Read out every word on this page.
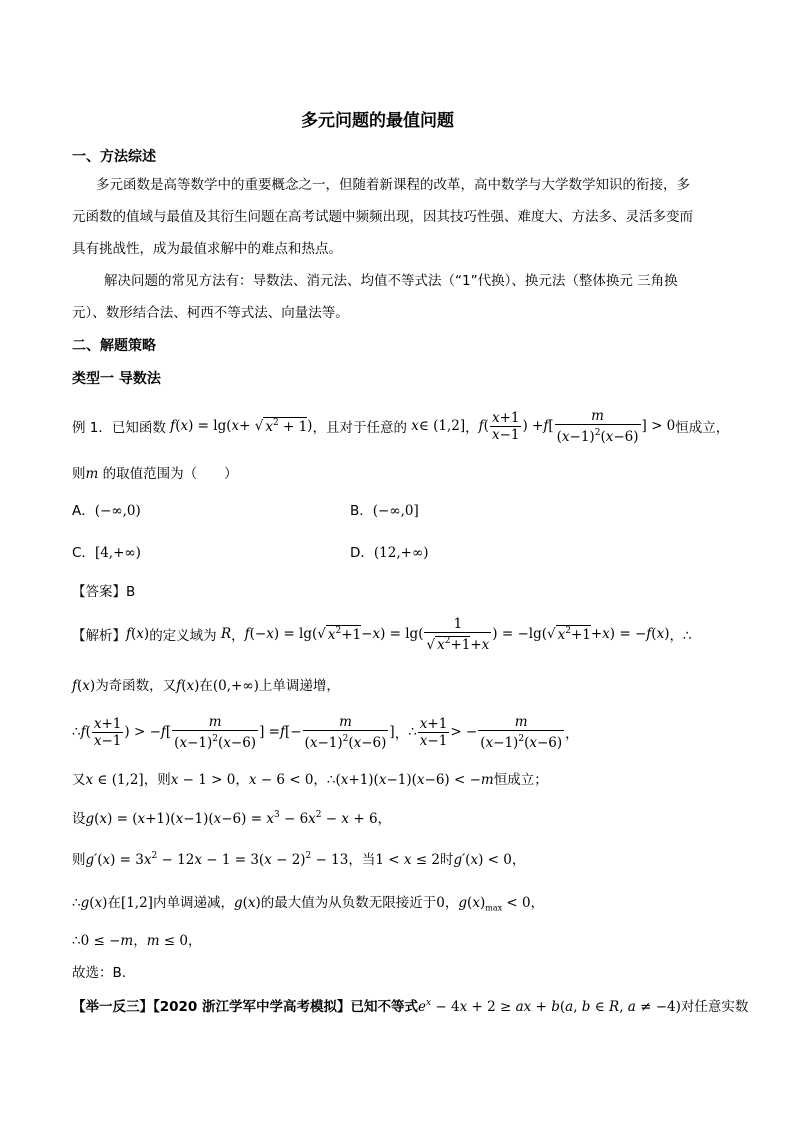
多元问题的最值问题
一、方法综述
多元函数是高等数学中的重要概念之一，但随着新课程的改革，高中数学与大学数学知识的衔接，多
元函数的值域与最值及其衍生问题在高考试题中频频出现，因其技巧性强、难度大、方法多、灵活多变而
具有挑战性，成为最值求解中的难点和热点。
解决问题的常见方法有：导数法、消元法、均值不等式法（“1”代换）、换元法（整体换元 三角换
元）、数形结合法、柯西不等式法、向量法等。
二、解题策略
类型一 导数法
例 1．已知函数 f ( x ) = lg( x + √ $x^2 + 1$ ) ，且对于任意的 x ∈ (1,2] ， f ( $\frac{x+1}{x-1}$ ) + f [ $\frac{m}{(x-1)^2(x-6)}$ ] > 0 恒成立，
则m 的取值范围为（　　）
A．(−∞,0)	B．(−∞,0]
C．[4,+∞)	D．(12,+∞)
【答案】B
【解析】 f ( x ) 的定义域为 R ， f (− x ) = lg(√ $x^2+1 - x$ ) = $\lg( \frac{1}{√ x^2+1+x}$ ) = −lg(√ $x^2+1 + x$ ) = − f ( x ) ，∴
f(x)为奇函数，又f(x)在(0,+∞)上单调递增，
∴ f ( $\frac{x+1}{x-1}$ ) > − f [ $\frac{m}{(x-1)^2(x-6)}$ ] = f [− $\frac{m}{(x-1)^2(x-6)}$ ] ， ∴ $\frac{x+1}{x-1}$ > − $\frac{m}{(x-1)^2(x-6)}$ ，
又x ∈ (1,2]，则x − 1 > 0，x − 6 < 0，∴(x+1)(x−1)(x−6) < −m恒成立；
设$g(x) = (x+1)(x-1)(x-6) = x^3 - 6x^2 - x + 6$，
则$g'(x) = 3x^2 - 12x - 1 = 3(x - 2)^2 - 13$，当1 < x ≤ 2时g′(x) < 0，
∴g(x)在[1,2]内单调递减，g(x)的最大值为从负数无限接近于0，$g(x)_{max} < 0$，
∴0 ≤ −m，m ≤ 0，
故选：B.
【举一反三】【2020 浙江学军中学高考模拟】已知不等式$e^x - 4x + 2$ ≥ ax + b(a, b ∈ R, a ≠ −4)对任意实数
